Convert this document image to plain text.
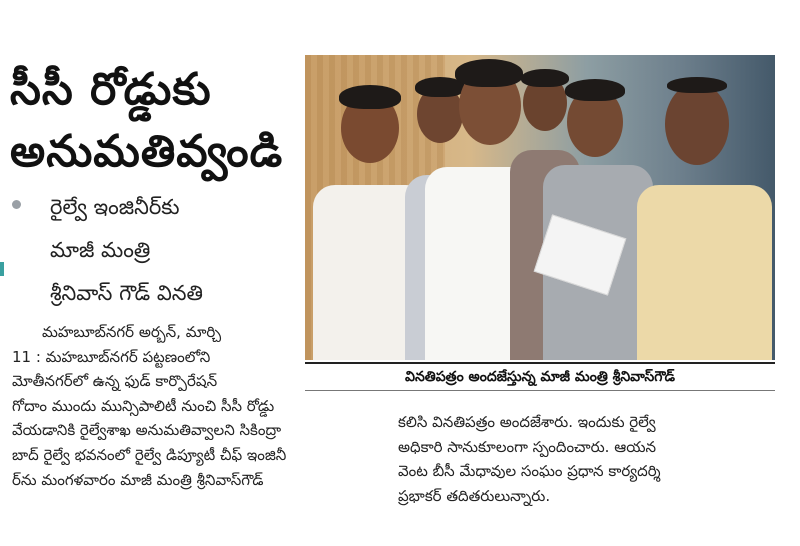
సీసీ రోడ్డుకు
అనుమతివ్వండి
రైల్వే ఇంజినీర్‌కు
మాజీ మంత్రి
శ్రీనివాస్ గౌడ్ వినతి
వినతిపత్రం అందజేస్తున్న మాజీ మంత్రి శ్రీనివాస్‌గౌడ్
మహబూబ్‌నగర్ అర్బన్, మార్చి
11 : మహబూబ్‌నగర్ పట్టణంలోని
మోతీనగర్‌లో ఉన్న ఫుడ్ కార్పొరేషన్
గోదాం ముందు మున్సిపాలిటీ నుంచి సీసీ రోడ్డు
వేయడానికి రైల్వేశాఖ అనుమతివ్వాలని సికింద్రా
బాద్ రైల్వే భవనంలో రైల్వే డిప్యూటీ చీఫ్ ఇంజినీ
ర్‌ను మంగళవారం మాజీ మంత్రి శ్రీనివాస్‌గౌడ్
కలిసి వినతిపత్రం అందజేశారు. ఇందుకు రైల్వే
అధికారి సానుకూలంగా స్పందించారు. ఆయన
వెంట బీసీ మేధావుల సంఘం ప్రధాన కార్యదర్శి
ప్రభాకర్ తదితరులున్నారు.
